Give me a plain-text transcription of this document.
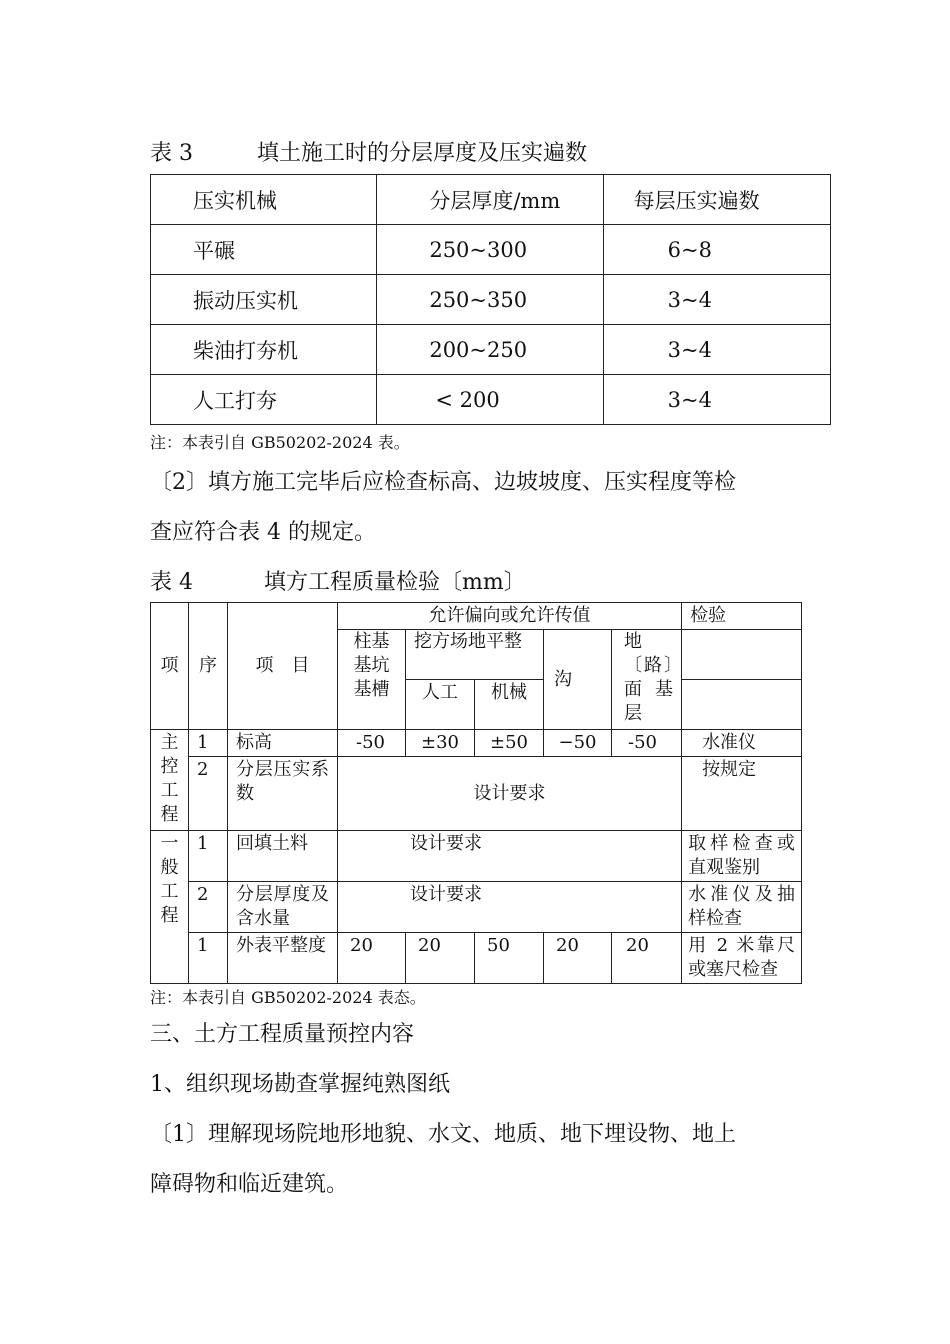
表 3	填土施工时的分层厚度及压实遍数
压实机械	分层厚度/mm	每层压实遍数
平碾	250~300	6~8
振动压实机	250~350	3~4
柴油打夯机	200~250	3~4
人工打夯	< 200	3~4
注：本表引自 GB50202-2024 表。
〔2〕填方施工完毕后应检查标高、边坡坡度、压实程度等检
查应符合表 4 的规定。
表 4	填方工程质量检验〔mm〕
项	序	项　目	允许偏向或允许传值					检验
			柱基基坑基槽	挖方场地平整		沟	地〔路〕面基层	
				人工	机械			

主控工程	1	标高	-50	±30	±50	−50	-50	水准仪
	2	分层压实系数	设计要求					按规定

一般工程	1	回填土料	设计要求					取样检查或直观鉴别
	2	分层厚度及含水量	设计要求					水准仪及抽样检查
	1	外表平整度	20	20	50	20	20	用 2 米靠尺或塞尺检查
注：本表引自 GB50202-2024 表态。
三、土方工程质量预控内容
1、组织现场勘查掌握纯熟图纸
〔1〕理解现场院地形地貌、水文、地质、地下埋设物、地上
障碍物和临近建筑。
